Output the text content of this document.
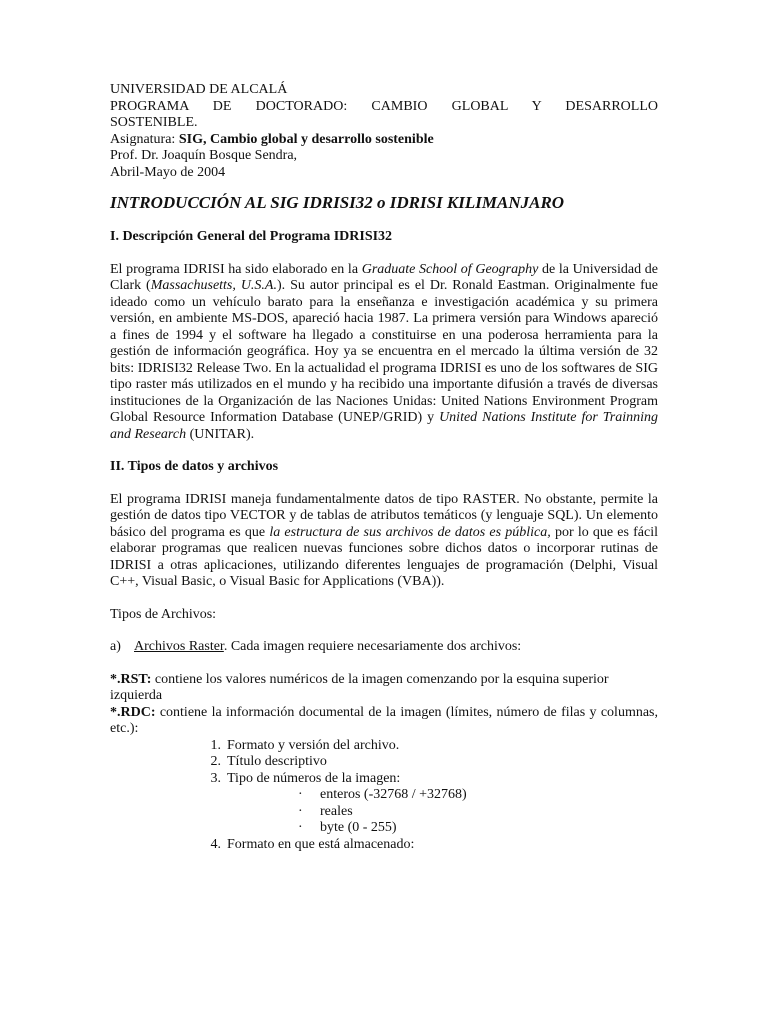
UNIVERSIDAD DE ALCALÁ
PROGRAMA DE DOCTORADO: CAMBIO GLOBAL Y DESARROLLO
SOSTENIBLE.
Asignatura: SIG, Cambio global y desarrollo sostenible
Prof. Dr. Joaquín Bosque Sendra,
Abril-Mayo de 2004
INTRODUCCIÓN AL SIG IDRISI32 o IDRISI KILIMANJARO
I. Descripción General del Programa IDRISI32

El programa IDRISI ha sido elaborado en la Graduate School of Geography de la Universidad de Clark (Massachusetts, U.S.A.). Su autor principal es el Dr. Ronald Eastman. Originalmente fue ideado como un vehículo barato para la enseñanza e investigación académica y su primera versión, en ambiente MS-DOS, apareció hacia 1987. La primera versión para Windows apareció a fines de 1994 y el software ha llegado a constituirse en una poderosa herramienta para la gestión de información geográfica. Hoy ya se encuentra en el mercado la última versión de 32 bits: IDRISI32 Release Two. En la actualidad el programa IDRISI es uno de los softwares de SIG tipo raster más utilizados en el mundo y ha recibido una importante difusión a través de diversas instituciones de la Organización de las Naciones Unidas: United Nations Environment Program Global Resource Information Database (UNEP/GRID) y United Nations Institute for Trainning and Research (UNITAR).

II. Tipos de datos y archivos

El programa IDRISI maneja fundamentalmente datos de tipo RASTER. No obstante, permite la gestión de datos tipo VECTOR y de tablas de atributos temáticos (y lenguaje SQL). Un elemento básico del programa es que la estructura de sus archivos de datos es pública, por lo que es fácil elaborar programas que realicen nuevas funciones sobre dichos datos o incorporar rutinas de IDRISI a otras aplicaciones, utilizando diferentes lenguajes de programación (Delphi, Visual C++, Visual Basic, o Visual Basic for Applications (VBA)).

Tipos de Archivos:

a) Archivos Raster. Cada imagen requiere necesariamente dos archivos:

*.RST: contiene los valores numéricos de la imagen comenzando por la esquina superior izquierda

*.RDC: contiene la información documental de la imagen (límites, número de filas y columnas, etc.):

1. Formato y versión del archivo.
2. Título descriptivo
3. Tipo de números de la imagen:
· enteros (-32768 / +32768)
· reales
· byte (0 - 255)
4. Formato en que está almacenado:
